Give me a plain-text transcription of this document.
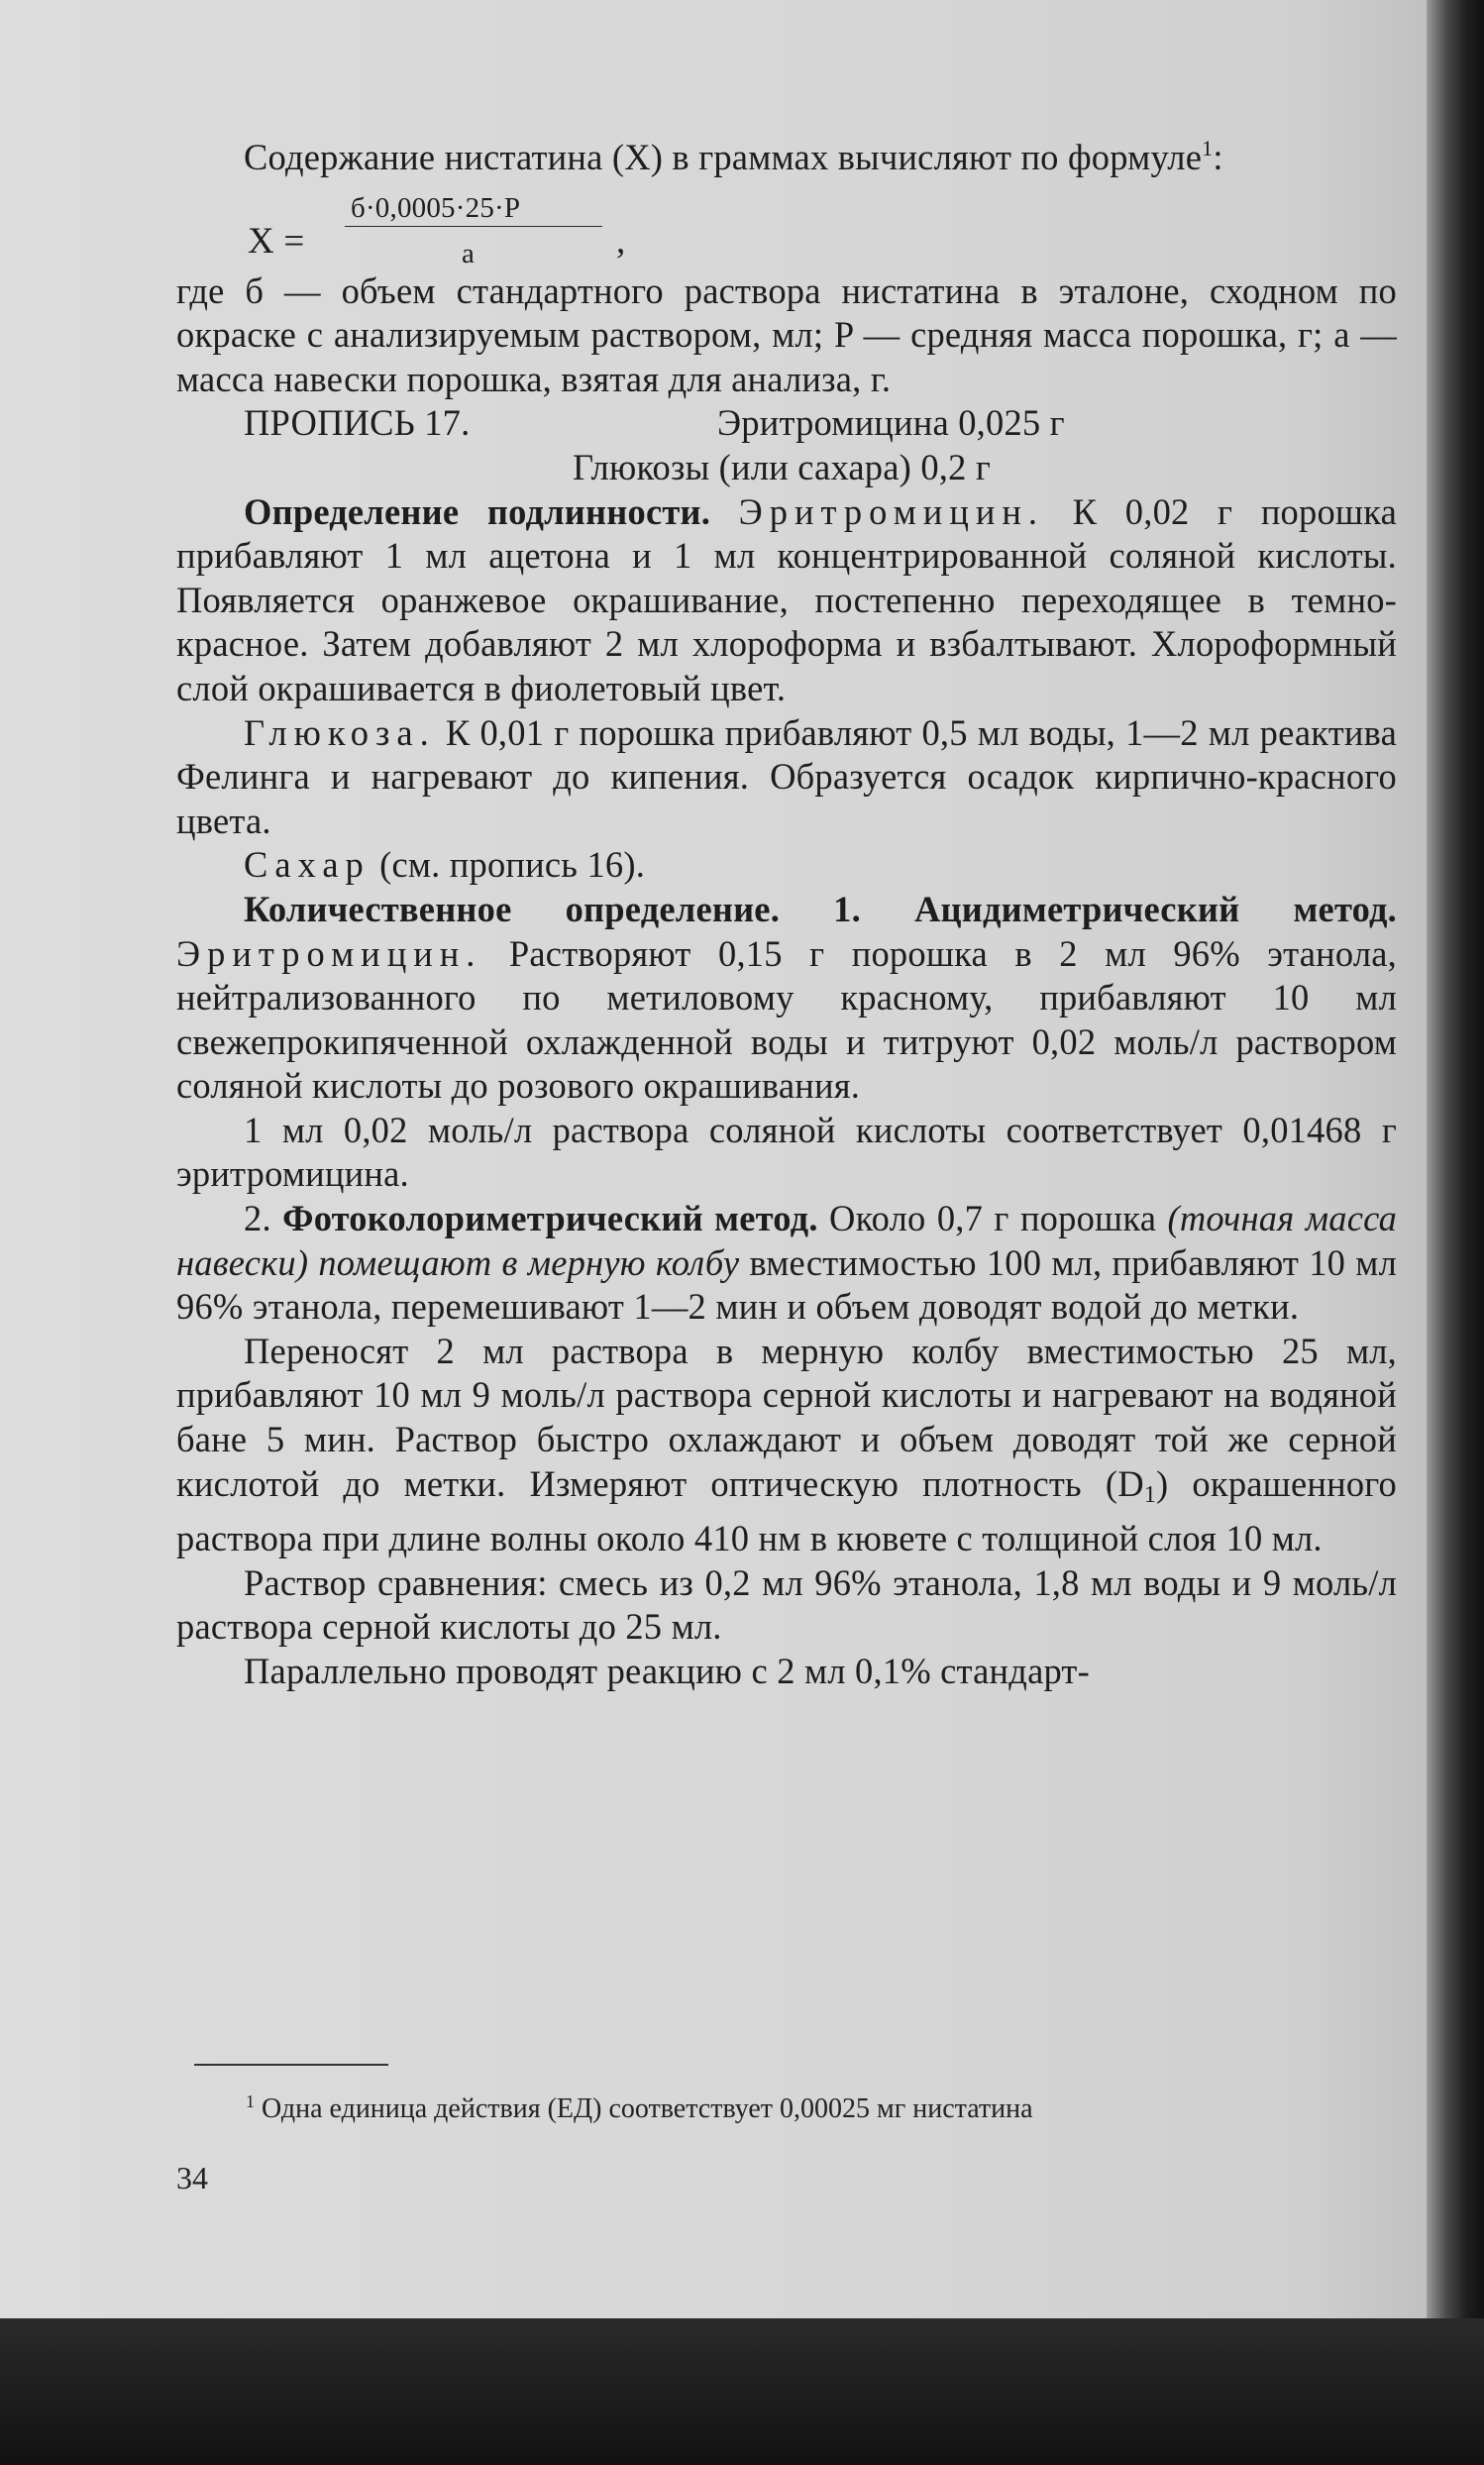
Содержание нистатина (X) в граммах вычисляют по формуле$^1$:

X =
б·0,0005·25·P
а	,

где б — объем стандартного раствора нистатина в эталоне, сходном по окраске с анализируемым раствором, мл; P — средняя масса порошка, г; а — масса навески порошка, взятая для анализа, г.

ПРОПИСЬ 17.	Эритромицина 0,025 г
Глюкозы (или сахара) 0,2 г

Определение подлинности. Эритромицин. К 0,02 г порошка прибавляют 1 мл ацетона и 1 мл концентрированной соляной кислоты. Появляется оранжевое окрашивание, постепенно переходящее в темно-красное. Затем добавляют 2 мл хлороформа и взбалтывают. Хлороформный слой окрашивается в фиолетовый цвет.

Глюкоза. К 0,01 г порошка прибавляют 0,5 мл воды, 1—2 мл реактива Фелинга и нагревают до кипения. Образуется осадок кирпично-красного цвета.

Сахар (см. пропись 16).

Количественное определение. 1. Ацидиметрический метод. Эритромицин. Растворяют 0,15 г порошка в 2 мл 96% этанола, нейтрализованного по метиловому красному, прибавляют 10 мл свежепрокипяченной охлажденной воды и титруют 0,02 моль/л раствором соляной кислоты до розового окрашивания.

1 мл 0,02 моль/л раствора соляной кислоты соответствует 0,01468 г эритромицина.

2. Фотоколориметрический метод. Около 0,7 г порошка (точная масса навески) помещают в мерную колбу вместимостью 100 мл, прибавляют 10 мл 96% этанола, перемешивают 1—2 мин и объем доводят водой до метки.

Переносят 2 мл раствора в мерную колбу вместимостью 25 мл, прибавляют 10 мл 9 моль/л раствора серной кислоты и нагревают на водяной бане 5 мин. Раствор быстро охлаждают и объем доводят той же серной кислотой до метки. Измеряют оптическую плотность $(D_1)$ окрашенного раствора при длине волны около 410 нм в кювете с толщиной слоя 10 мл.

Раствор сравнения: смесь из 0,2 мл 96% этанола, 1,8 мл воды и 9 моль/л раствора серной кислоты до 25 мл.

Параллельно проводят реакцию с 2 мл 0,1% стандарт-

$^1$ Одна единица действия (ЕД) соответствует 0,00025 мг нистатина
34
